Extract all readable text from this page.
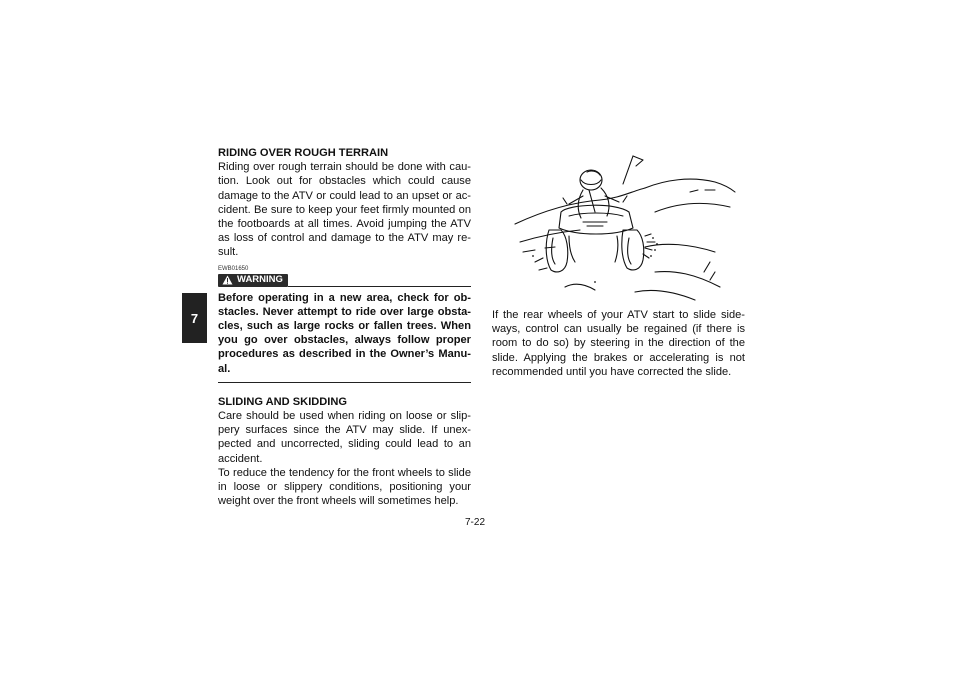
7

RIDING OVER ROUGH TERRAIN

Riding over rough terrain should be done with cau-tion. Look out for obstacles which could cause damage to the ATV or could lead to an upset or ac-cident. Be sure to keep your feet firmly mounted on the footboards at all times. Avoid jumping the ATV as loss of control and damage to the ATV may re-sult.

EWB01650
WARNING

Before operating in a new area, check for ob-stacles. Never attempt to ride over large obsta-cles, such as large rocks or fallen trees. When you go over obstacles, always follow proper procedures as described in the Owner’s Manu-al.

SLIDING AND SKIDDING

Care should be used when riding on loose or slip-pery surfaces since the ATV may slide. If unex-pected and uncorrected, sliding could lead to an accident.

To reduce the tendency for the front wheels to slide in loose or slippery conditions, positioning your weight over the front wheels will sometimes help.

If the rear wheels of your ATV start to slide side-ways, control can usually be regained (if there is room to do so) by steering in the direction of the slide. Applying the brakes or accelerating is not recommended until you have corrected the slide.

7-22
